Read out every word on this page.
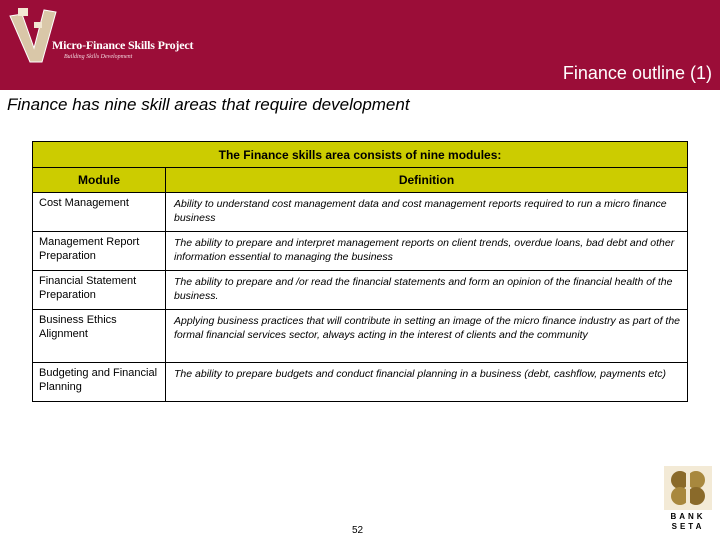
Micro-Finance Skills Project
Building Skills Development
Finance outline (1)
Finance has nine skill areas that require development
The Finance skills area consists of nine modules:	
Module	Definition
Cost Management	Ability to understand cost management data and cost management reports required to run a micro finance business
Management Report Preparation	The ability to prepare and interpret management reports on client trends, overdue loans, bad debt and other information essential to managing the business
Financial Statement Preparation	The ability to prepare and /or read the financial statements and form an opinion of the financial health of the business.
Business Ethics Alignment	Applying business practices that will contribute in setting an image of the micro finance industry as part of the formal financial services sector, always acting in the interest of clients and the community
Budgeting and Financial Planning	The ability to prepare budgets and conduct financial planning in a business (debt, cashflow, payments etc)
52
BANK
SETA
